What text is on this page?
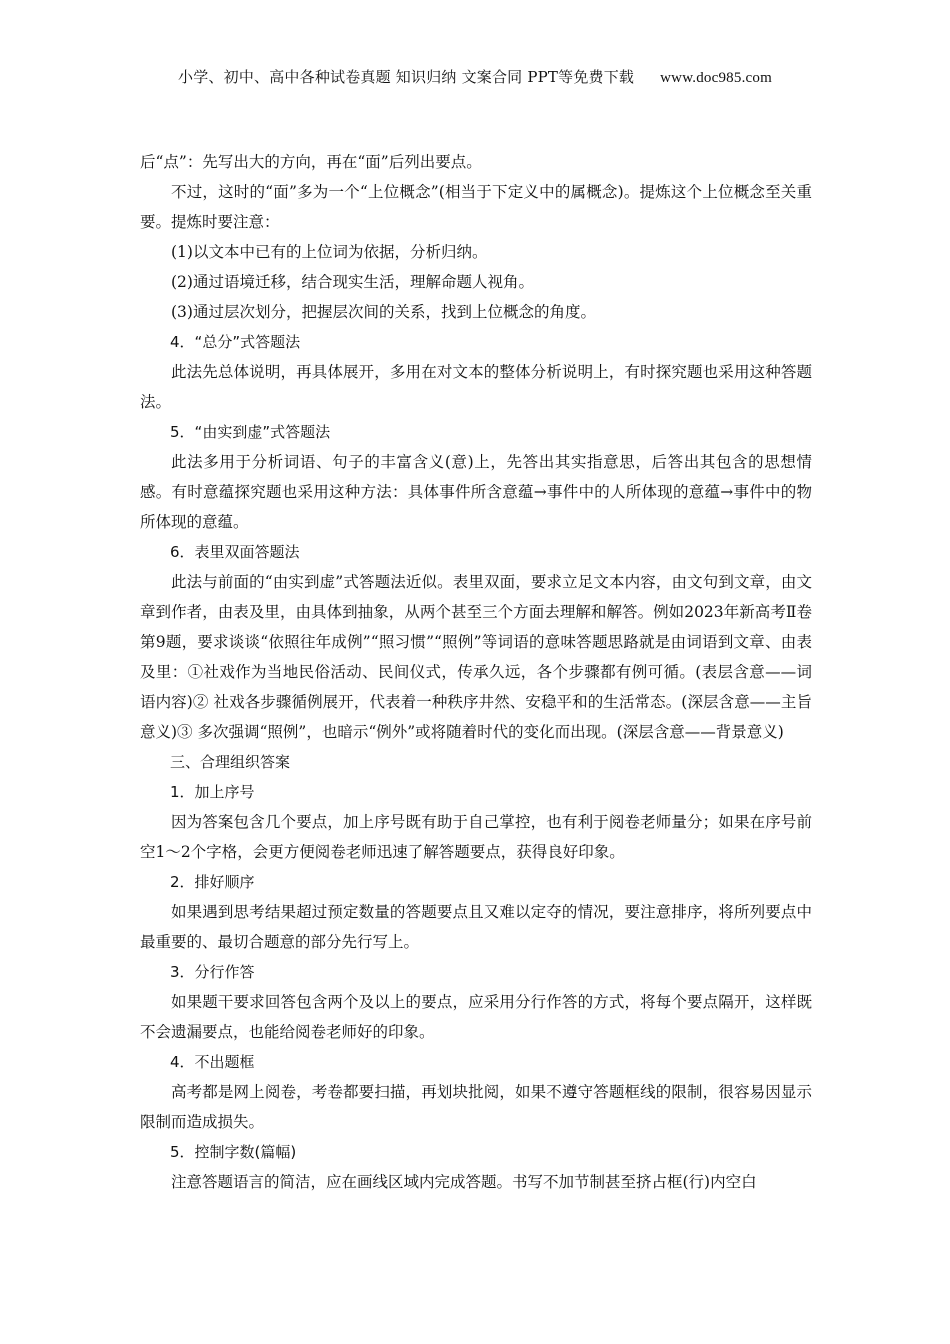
小学、初中、高中各种试卷真题 知识归纳 文案合同 PPT等免费下载 www.doc985.com

后“点”：先写出大的方向，再在“面”后列出要点。

不过，这时的“面”多为一个“上位概念”(相当于下定义中的属概念)。提炼这个上位概念至关重要。提炼时要注意：

(1)以文本中已有的上位词为依据，分析归纳。

(2)通过语境迁移，结合现实生活，理解命题人视角。

(3)通过层次划分，把握层次间的关系，找到上位概念的角度。

4．“总分”式答题法

此法先总体说明，再具体展开，多用在对文本的整体分析说明上，有时探究题也采用这种答题法。

5．“由实到虚”式答题法

此法多用于分析词语、句子的丰富含义(意)上，先答出其实指意思，后答出其包含的思想情感。有时意蕴探究题也采用这种方法：具体事件所含意蕴→事件中的人所体现的意蕴→事件中的物所体现的意蕴。

6．表里双面答题法

此法与前面的“由实到虚”式答题法近似。表里双面，要求立足文本内容，由文句到文章，由文章到作者，由表及里，由具体到抽象，从两个甚至三个方面去理解和解答。例如2023年新高考Ⅱ卷第9题，要求谈谈“依照往年成例”“照习惯”“照例”等词语的意味答题思路就是由词语到文章、由表及里：①社戏作为当地民俗活动、民间仪式，传承久远，各个步骤都有例可循。(表层含意——词语内容)② 社戏各步骤循例展开，代表着一种秩序井然、安稳平和的生活常态。(深层含意——主旨意义)③ 多次强调“照例”，也暗示“例外”或将随着时代的变化而出现。(深层含意——背景意义)

三、合理组织答案

1．加上序号

因为答案包含几个要点，加上序号既有助于自己掌控，也有利于阅卷老师量分；如果在序号前空1～2个字格，会更方便阅卷老师迅速了解答题要点，获得良好印象。

2．排好顺序

如果遇到思考结果超过预定数量的答题要点且又难以定夺的情况，要注意排序，将所列要点中最重要的、最切合题意的部分先行写上。

3．分行作答

如果题干要求回答包含两个及以上的要点，应采用分行作答的方式，将每个要点隔开，这样既不会遗漏要点，也能给阅卷老师好的印象。

4．不出题框

高考都是网上阅卷，考卷都要扫描，再划块批阅，如果不遵守答题框线的限制，很容易因显示限制而造成损失。

5．控制字数(篇幅)

注意答题语言的简洁，应在画线区域内完成答题。书写不加节制甚至挤占框(行)内空白
